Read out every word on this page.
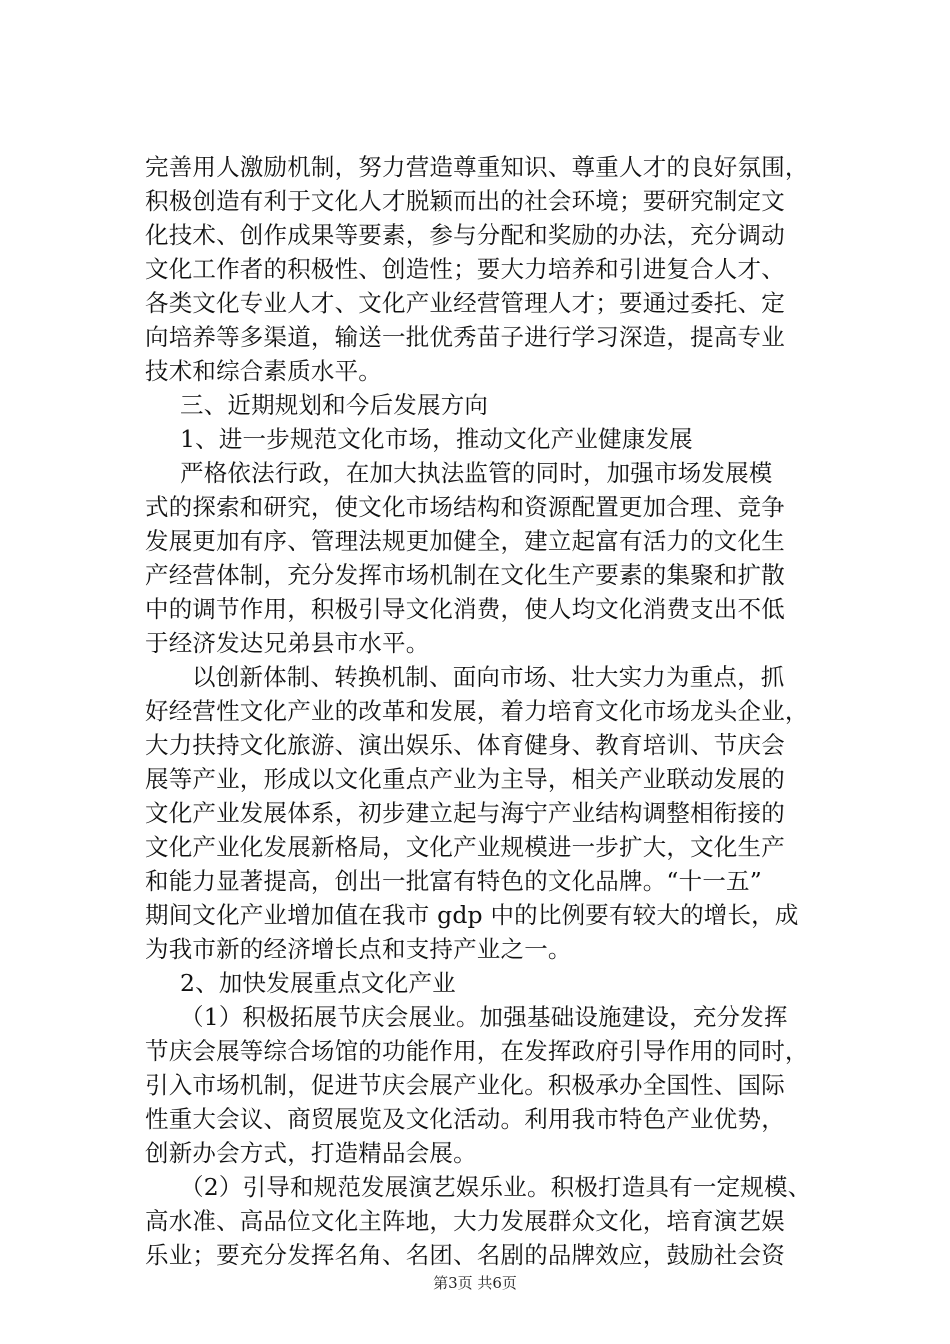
完善用人激励机制，努力营造尊重知识、尊重人才的良好氛围，
积极创造有利于文化人才脱颖而出的社会环境；要研究制定文
化技术、创作成果等要素，参与分配和奖励的办法，充分调动
文化工作者的积极性、创造性；要大力培养和引进复合人才、
各类文化专业人才、文化产业经营管理人才；要通过委托、定
向培养等多渠道，输送一批优秀苗子进行学习深造，提高专业
技术和综合素质水平。
三、近期规划和今后发展方向
1、进一步规范文化市场，推动文化产业健康发展
严格依法行政，在加大执法监管的同时，加强市场发展模
式的探索和研究，使文化市场结构和资源配置更加合理、竞争
发展更加有序、管理法规更加健全，建立起富有活力的文化生
产经营体制，充分发挥市场机制在文化生产要素的集聚和扩散
中的调节作用，积极引导文化消费，使人均文化消费支出不低
于经济发达兄弟县市水平。
以创新体制、转换机制、面向市场、壮大实力为重点，抓
好经营性文化产业的改革和发展，着力培育文化市场龙头企业，
大力扶持文化旅游、演出娱乐、体育健身、教育培训、节庆会
展等产业，形成以文化重点产业为主导，相关产业联动发展的
文化产业发展体系，初步建立起与海宁产业结构调整相衔接的
文化产业化发展新格局，文化产业规模进一步扩大，文化生产
和能力显著提高，创出一批富有特色的文化品牌。“十一五”
期间文化产业增加值在我市 gdp 中的比例要有较大的增长，成
为我市新的经济增长点和支持产业之一。
2、加快发展重点文化产业
（1）积极拓展节庆会展业。加强基础设施建设，充分发挥
节庆会展等综合场馆的功能作用，在发挥政府引导作用的同时，
引入市场机制，促进节庆会展产业化。积极承办全国性、国际
性重大会议、商贸展览及文化活动。利用我市特色产业优势，
创新办会方式，打造精品会展。
（2）引导和规范发展演艺娱乐业。积极打造具有一定规模、
高水准、高品位文化主阵地，大力发展群众文化，培育演艺娱
乐业；要充分发挥名角、名团、名剧的品牌效应，鼓励社会资
第3页 共6页
